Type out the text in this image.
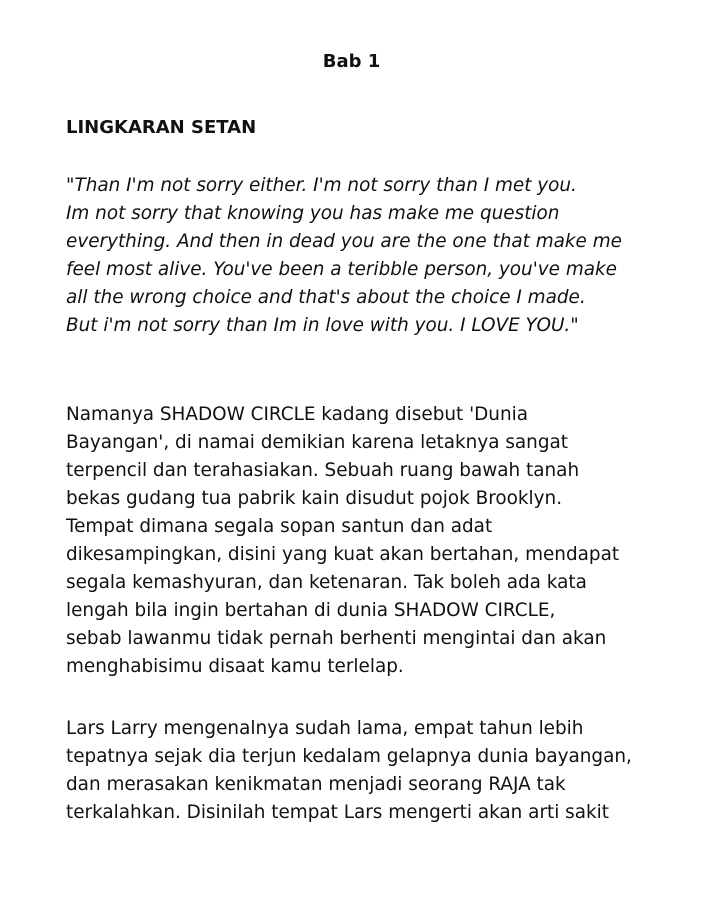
Bab 1
LINGKARAN SETAN
"Than I'm not sorry either. I'm not sorry than I met you.
Im not sorry that knowing you has make me question
everything. And then in dead you are the one that make me
feel most alive. You've been a teribble person, you've make
all the wrong choice and that's about the choice I made.
But i'm not sorry than Im in love with you. I LOVE YOU."
Namanya SHADOW CIRCLE kadang disebut 'Dunia
Bayangan', di namai demikian karena letaknya sangat
terpencil dan terahasiakan. Sebuah ruang bawah tanah
bekas gudang tua pabrik kain disudut pojok Brooklyn.
Tempat dimana segala sopan santun dan adat
dikesampingkan, disini yang kuat akan bertahan, mendapat
segala kemashyuran, dan ketenaran. Tak boleh ada kata
lengah bila ingin bertahan di dunia SHADOW CIRCLE,
sebab lawanmu tidak pernah berhenti mengintai dan akan
menghabisimu disaat kamu terlelap.
Lars Larry mengenalnya sudah lama, empat tahun lebih
tepatnya sejak dia terjun kedalam gelapnya dunia bayangan,
dan merasakan kenikmatan menjadi seorang RAJA tak
terkalahkan. Disinilah tempat Lars mengerti akan arti sakit
